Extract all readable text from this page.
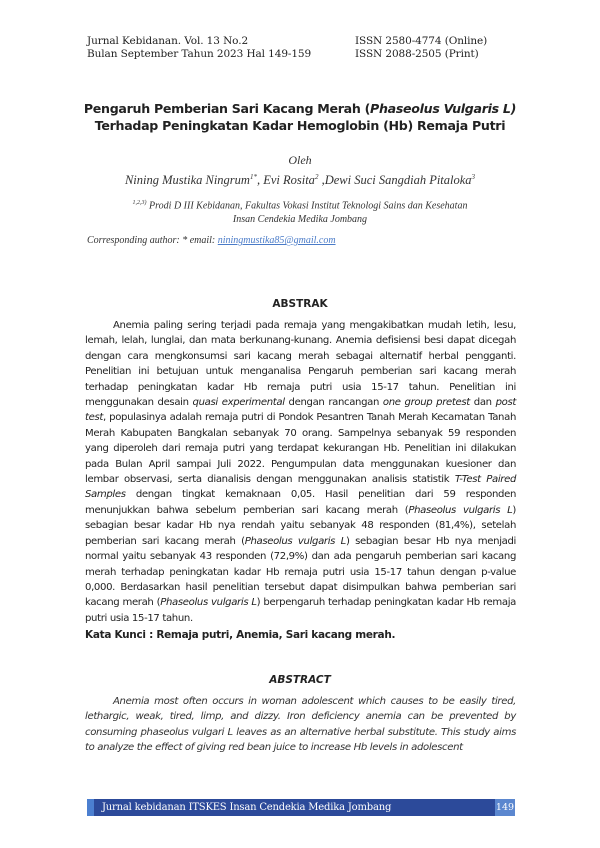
Jurnal Kebidanan. Vol. 13 No.2
Bulan September Tahun 2023 Hal 149-159
ISSN 2580-4774 (Online)
ISSN 2088-2505 (Print)
Pengaruh Pemberian Sari Kacang Merah (Phaseolus Vulgaris L)
Terhadap Peningkatan Kadar Hemoglobin (Hb) Remaja Putri
Oleh
Nining Mustika Ningrum$^{1*}$, Evi Rosita$^2$ ,Dewi Suci Sangdiah Pitaloka$^3$
$^{1,2,3)}$ Prodi D III Kebidanan, Fakultas Vokasi Institut Teknologi Sains dan Kesehatan
Insan Cendekia Medika Jombang
Corresponding author: * email: niningmustika85@gmail.com
ABSTRAK
Anemia paling sering terjadi pada remaja yang mengakibatkan mudah letih, lesu, lemah, lelah, lunglai, dan mata berkunang-kunang. Anemia defisiensi besi dapat dicegah dengan cara mengkonsumsi sari kacang merah sebagai alternatif herbal pengganti. Penelitian ini betujuan untuk menganalisa Pengaruh pemberian sari kacang merah terhadap peningkatan kadar Hb remaja putri usia 15-17 tahun. Penelitian ini menggunakan desain quasi experimental dengan rancangan one group pretest dan post test, populasinya adalah remaja putri di Pondok Pesantren Tanah Merah Kecamatan Tanah Merah Kabupaten Bangkalan sebanyak 70 orang. Sampelnya sebanyak 59 responden yang diperoleh dari remaja putri yang terdapat kekurangan Hb. Penelitian ini dilakukan pada Bulan April sampai Juli 2022. Pengumpulan data menggunakan kuesioner dan lembar observasi, serta dianalisis dengan menggunakan analisis statistik T-Test Paired Samples dengan tingkat kemaknaan 0,05. Hasil penelitian dari 59 responden menunjukkan bahwa sebelum pemberian sari kacang merah (Phaseolus vulgaris L) sebagian besar kadar Hb nya rendah yaitu sebanyak 48 responden (81,4%), setelah pemberian sari kacang merah (Phaseolus vulgaris L) sebagian besar Hb nya menjadi normal yaitu sebanyak 43 responden (72,9%) dan ada pengaruh pemberian sari kacang merah terhadap peningkatan kadar Hb remaja putri usia 15-17 tahun dengan p-value 0,000. Berdasarkan hasil penelitian tersebut dapat disimpulkan bahwa pemberian sari kacang merah (Phaseolus vulgaris L) berpengaruh terhadap peningkatan kadar Hb remaja putri usia 15-17 tahun.
Kata Kunci : Remaja putri, Anemia, Sari kacang merah.
ABSTRACT
Anemia most often occurs in woman adolescent which causes to be easily tired, lethargic, weak, tired, limp, and dizzy. Iron deficiency anemia can be prevented by consuming phaseolus vulgari L leaves as an alternative herbal substitute. This study aims to analyze the effect of giving red bean juice to increase Hb levels in adolescent
Jurnal kebidanan ITSKES Insan Cendekia Medika Jombang	149
